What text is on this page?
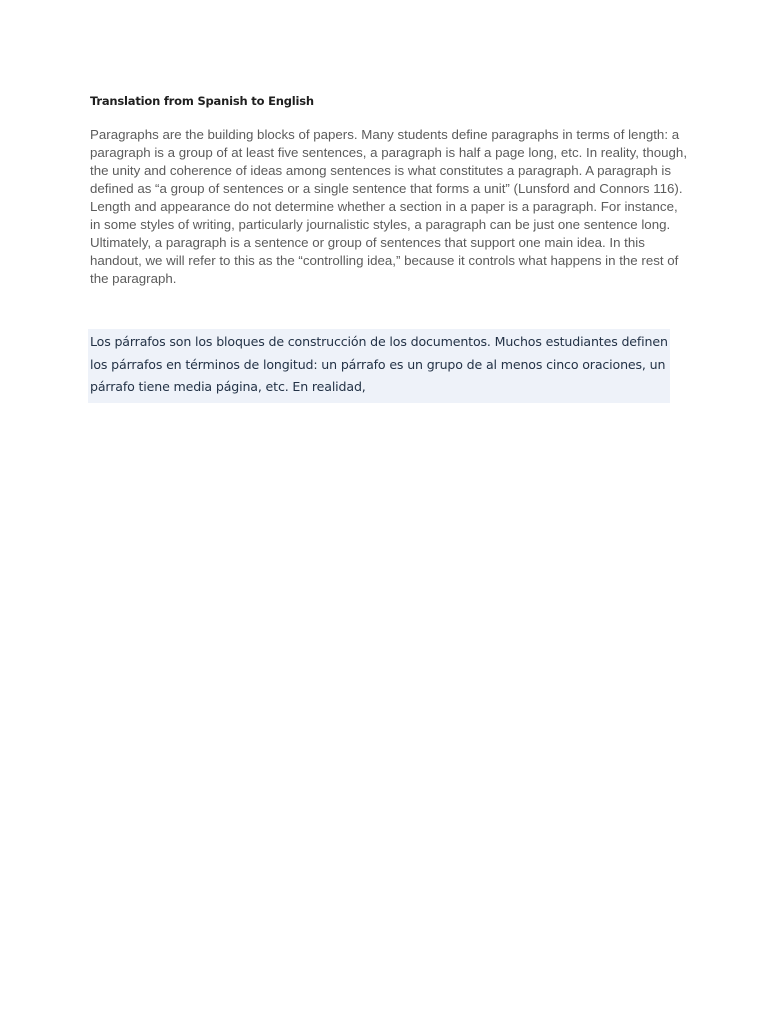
Translation from Spanish to English

Paragraphs are the building blocks of papers. Many students define paragraphs in terms of length: a paragraph is a group of at least five sentences, a paragraph is half a page long, etc. In reality, though, the unity and coherence of ideas among sentences is what constitutes a paragraph. A paragraph is defined as “a group of sentences or a single sentence that forms a unit” (Lunsford and Connors 116). Length and appearance do not determine whether a section in a paper is a paragraph. For instance, in some styles of writing, particularly journalistic styles, a paragraph can be just one sentence long. Ultimately, a paragraph is a sentence or group of sentences that support one main idea. In this handout, we will refer to this as the “controlling idea,” because it controls what happens in the rest of the paragraph.

Los párrafos son los bloques de construcción de los documentos. Muchos estudiantes definen los párrafos en términos de longitud: un párrafo es un grupo de al menos cinco oraciones, un párrafo tiene media página, etc. En realidad,
